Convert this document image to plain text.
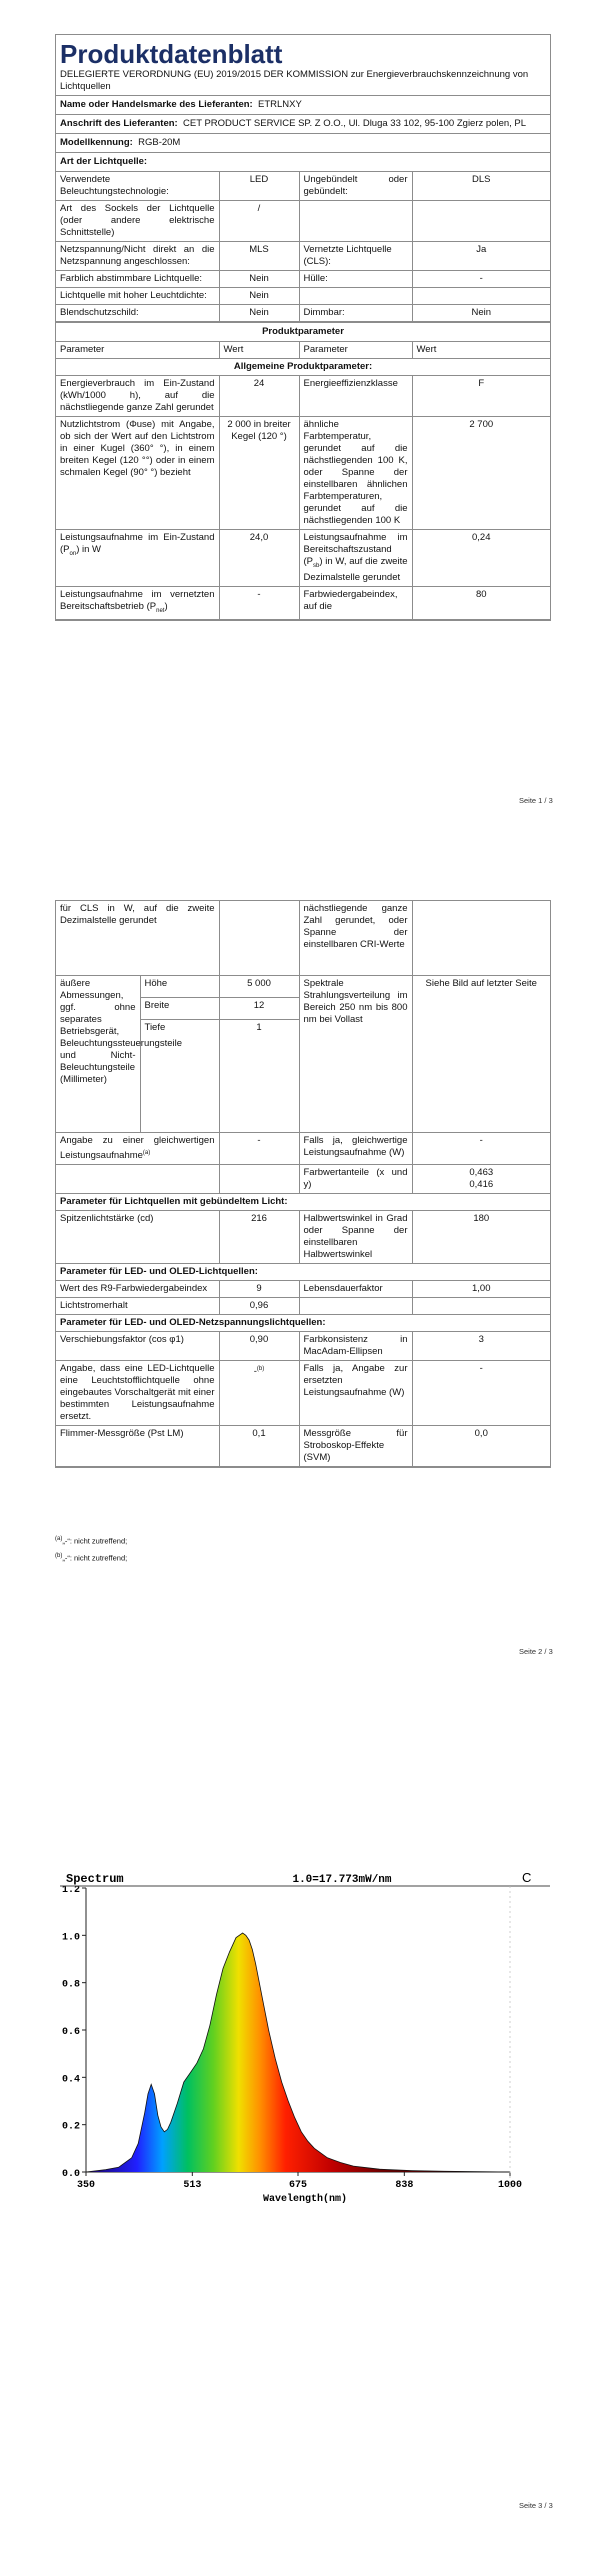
Produktdatenblatt
DELEGIERTE VERORDNUNG (EU) 2019/2015 DER KOMMISSION zur Energieverbrauchskennzeichnung von Lichtquellen
Name oder Handelsmarke des Lieferanten: ETRLNXY
Anschrift des Lieferanten: CET PRODUCT SERVICE SP. Z O.O., Ul. Dluga 33 102, 95-100 Zgierz polen, PL
Modellkennung: RGB-20M
Art der Lichtquelle:
Verwendete Beleuchtungstechnologie:	LED	Ungebündelt oder gebündelt:	DLS
Art des Sockels der Lichtquelle (oder andere elektrische Schnittstelle)	/		
Netzspannung/Nicht direkt an die Netzspannung angeschlossen:	MLS	Vernetzte Lichtquelle (CLS):	Ja
Farblich abstimmbare Lichtquelle:	Nein	Hülle:	-
Lichtquelle mit hoher Leuchtdichte:	Nein		
Blendschutzschild:	Nein	Dimmbar:	Nein
Produktparameter
Parameter	Wert	Parameter	Wert
Allgemeine Produktparameter:			
Energieverbrauch im Ein-Zustand (kWh/1000 h), auf die nächstliegende ganze Zahl gerundet	24	Energieeffizienzklasse	F
Nutzlichtstrom (Φuse) mit Angabe, ob sich der Wert auf den Lichtstrom in einer Kugel (360° °), in einem breiten Kegel (120 °°) oder in einem schmalen Kegel (90° °) bezieht	2 000 in breiter Kegel (120 °)	ähnliche Farbtemperatur, gerundet auf die nächstliegenden 100 K, oder Spanne der einstellbaren ähnlichen Farbtemperaturen, gerundet auf die nächstliegenden 100 K	2 700
Leistungsaufnahme im Ein-Zustand $(P_{on})$ in W	24,0	Leistungsaufnahme im Bereitschaftszustand $(P_{sb})$ in W, auf die zweite Dezimalstelle gerundet	0,24
Leistungsaufnahme im vernetzten Bereitschaftsbetrieb $(P_{net})$	-	Farbwiedergabeindex, auf die	80
Seite 1 / 3
für CLS in W, auf die zweite Dezimalstelle gerundet			nächstliegende ganze Zahl gerundet, oder Spanne der einstellbaren CRI-Werte	
äußere Abmessungen, ggf. ohne separates Betriebsgerät, Beleuchtungssteuerungsteile und Nicht-Beleuchtungsteile (Millimeter)	Höhe	5 000	Spektrale Strahlungsverteilung im Bereich 250 nm bis 800 nm bei Vollast	Siehe Bild auf letzter Seite
	Breite	12		
	Tiefe	1		
Angabe zu einer gleichwertigen Leistungsaufnahme$^{(a)}$		-	Falls ja, gleichwertige Leistungsaufnahme (W)	-
			Farbwertanteile (x und y)	0,463
0,416
Parameter für Lichtquellen mit gebündeltem Licht:				
Spitzenlichtstärke (cd)		216	Halbwertswinkel in Grad oder Spanne der einstellbaren Halbwertswinkel	180
Parameter für LED- und OLED-Lichtquellen:				
Wert des R9-Farbwiedergabeindex		9	Lebensdauerfaktor	1,00
Lichtstromerhalt		0,96		
Parameter für LED- und OLED-Netzspannungslichtquellen:				
Verschiebungsfaktor (cos φ1)		0,90	Farbkonsistenz in MacAdam-Ellipsen	3
Angabe, dass eine LED-Lichtquelle eine Leuchtstofflichtquelle ohne eingebautes Vorschaltgerät mit einer bestimmten Leistungsaufnahme ersetzt.		-$^{(b)}$	Falls ja, Angabe zur ersetzten Leistungsaufnahme (W)	-
Flimmer-Messgröße (Pst LM)		0,1	Messgröße für Stroboskop-Effekte (SVM)	0,0
Seite 2 / 3
$^{(a)}$„-“: nicht zutreffend;
$^{(b)}$„-“: nicht zutreffend;
Seite 3 / 3
Spectrum	1.0=17.773mW/nm	C
0.0
0.2
0.4
0.6
0.8
1.0
1.2
350	513	675	838	1000
Wavelength(nm)
